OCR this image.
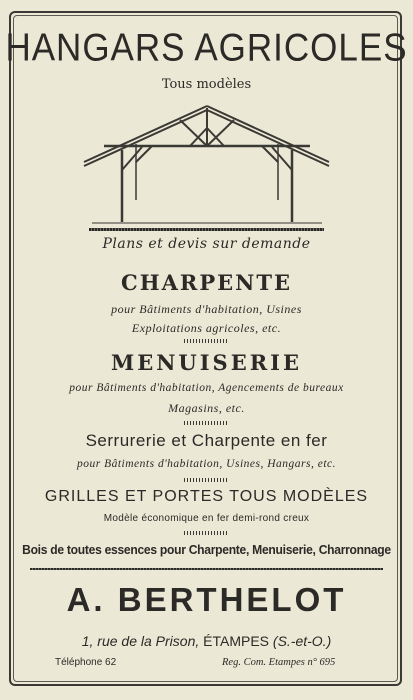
HANGARS AGRICOLES
Tous modèles
Plans et devis sur demande
CHARPENTE
pour Bâtiments d'habitation, Usines
Exploitations agricoles, etc.
MENUISERIE
pour Bâtiments d'habitation, Agencements de bureaux
Magasins, etc.
Serrurerie et Charpente en fer
pour Bâtiments d'habitation, Usines, Hangars, etc.
GRILLES ET PORTES TOUS MODÈLES
Modèle économique en fer demi-rond creux
Bois de toutes essences pour Charpente, Menuiserie, Charronnage
A. BERTHELOT
1, rue de la Prison, ÉTAMPES (S.-et-O.)
Téléphone 62	Reg. Com. Etampes n° 695
